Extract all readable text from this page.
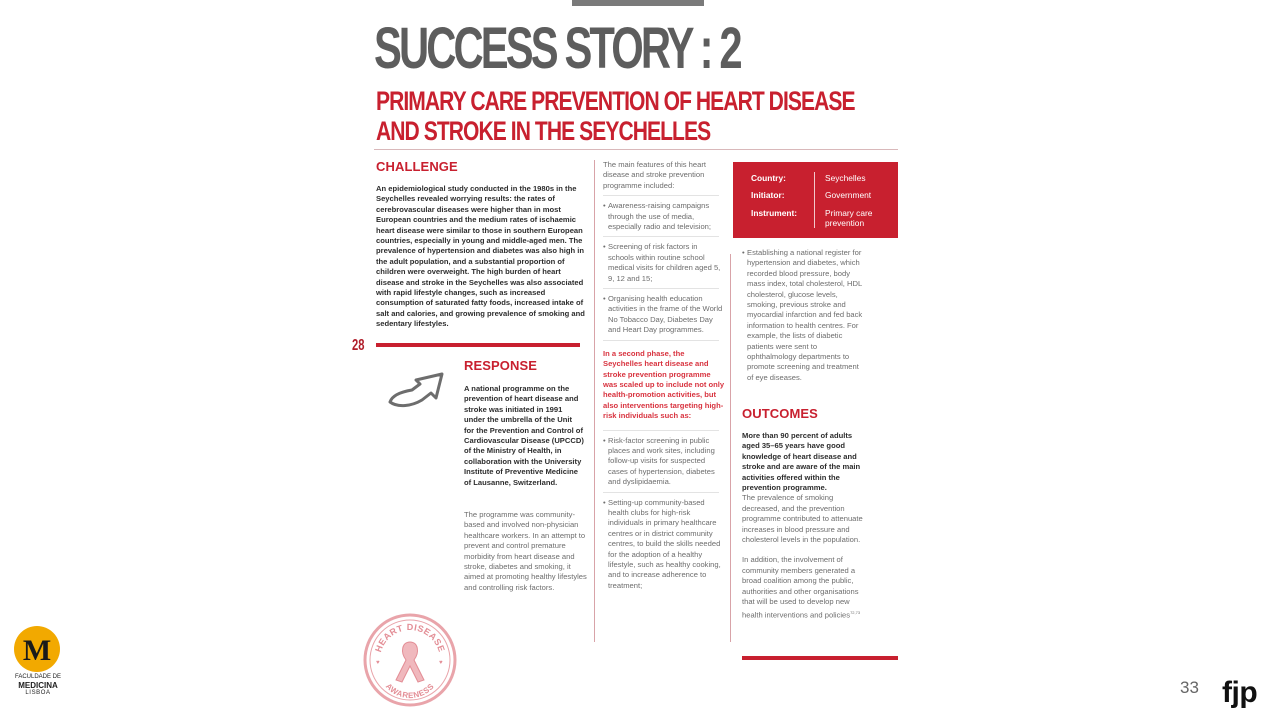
SUCCESS STORY : 2
PRIMARY CARE PREVENTION OF HEART DISEASE
AND STROKE IN THE SEYCHELLES
CHALLENGE
An epidemiological study conducted in the 1980s in the Seychelles revealed worrying results: the rates of cerebrovascular diseases were higher than in most European countries and the medium rates of ischaemic heart disease were similar to those in southern European countries, especially in young and middle-aged men. The prevalence of hypertension and diabetes was also high in the adult population, and a substantial proportion of children were overweight. The high burden of heart disease and stroke in the Seychelles was also associated with rapid lifestyle changes, such as increased consumption of saturated fatty foods, increased intake of salt and calories, and growing prevalence of smoking and sedentary lifestyles.
28
RESPONSE
A national programme on the prevention of heart disease and stroke was initiated in 1991 under the umbrella of the Unit for the Prevention and Control of Cardiovascular Disease (UPCCD) of the Ministry of Health, in collaboration with the University Institute of Preventive Medicine of Lausanne, Switzerland.
The programme was community-based and involved non-physician healthcare workers. In an attempt to prevent and control premature morbidity from heart disease and stroke, diabetes and smoking, it aimed at promoting healthy lifestyles and controlling risk factors.
The main features of this heart disease and stroke prevention programme included:
• Awareness-raising campaigns through the use of media, especially radio and television;
• Screening of risk factors in schools within routine school medical visits for children aged 5, 9, 12 and 15;
• Organising health education activities in the frame of the World No Tobacco Day, Diabetes Day and Heart Day programmes.
In a second phase, the Seychelles heart disease and stroke prevention programme was scaled up to include not only health-promotion activities, but also interventions targeting high-risk individuals such as:
• Risk-factor screening in public places and work sites, including follow-up visits for suspected cases of hypertension, diabetes and dyslipidaemia.
• Setting-up community-based health clubs for high-risk individuals in primary healthcare centres or in district community centres, to build the skills needed for the adoption of a healthy lifestyle, such as healthy cooking, and to increase adherence to treatment;
Country:	Seychelles
Initiator:	Government
Instrument:	Primary care prevention
• Establishing a national register for hypertension and diabetes, which recorded blood pressure, body mass index, total cholesterol, HDL cholesterol, glucose levels, smoking, previous stroke and myocardial infarction and fed back information to health centres. For example, the lists of diabetic patients were sent to ophthalmology departments to promote screening and treatment of eye diseases.
OUTCOMES
More than 90 percent of adults aged 35–65 years have good knowledge of heart disease and stroke and are aware of the main activities offered within the prevention programme.
The prevalence of smoking decreased, and the prevention programme contributed to attenuate increases in blood pressure and cholesterol levels in the population.
In addition, the involvement of community members generated a broad coalition among the public, authorities and other organisations that will be used to develop new health interventions and policies$^{72,73}$
HEART DISEASE
AWARENESS
♥	♥
33 fjp
M
FACULDADE DE
MEDICINA
LISBOA
